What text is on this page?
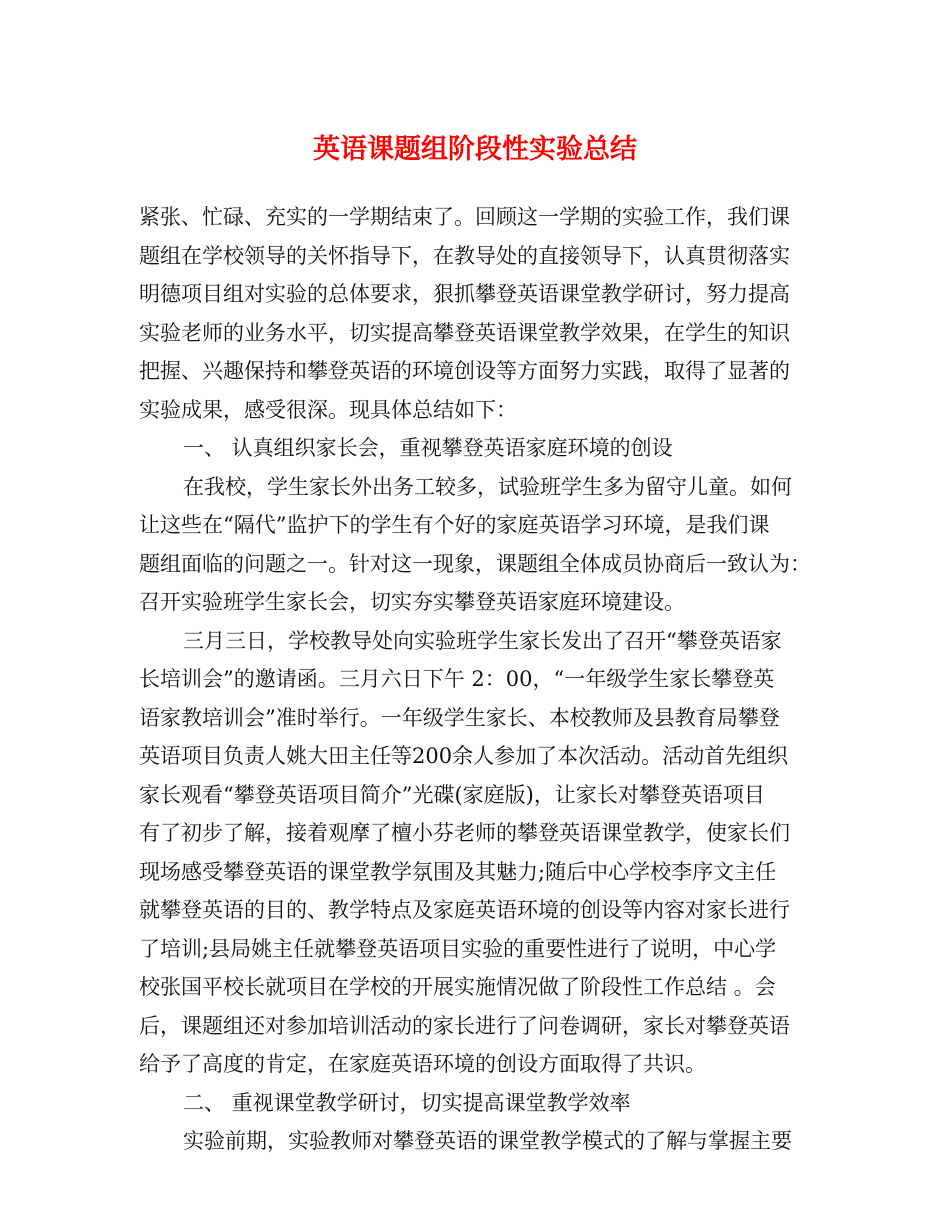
英语课题组阶段性实验总结
紧张、忙碌、充实的一学期结束了。回顾这一学期的实验工作，我们课
题组在学校领导的关怀指导下，在教导处的直接领导下，认真贯彻落实
明德项目组对实验的总体要求，狠抓攀登英语课堂教学研讨，努力提高
实验老师的业务水平，切实提高攀登英语课堂教学效果，在学生的知识
把握、兴趣保持和攀登英语的环境创设等方面努力实践，取得了显著的
实验成果，感受很深。现具体总结如下：
一、 认真组织家长会，重视攀登英语家庭环境的创设
在我校，学生家长外出务工较多，试验班学生多为留守儿童。如何
让这些在“隔代”监护下的学生有个好的家庭英语学习环境，是我们课
题组面临的问题之一。针对这一现象，课题组全体成员协商后一致认为：
召开实验班学生家长会，切实夯实攀登英语家庭环境建设。
三月三日，学校教导处向实验班学生家长发出了召开“攀登英语家
长培训会”的邀请函。三月六日下午 2：00，“一年级学生家长攀登英
语家教培训会”准时举行。一年级学生家长、本校教师及县教育局攀登
英语项目负责人姚大田主任等200余人参加了本次活动。活动首先组织
家长观看“攀登英语项目简介”光碟(家庭版)，让家长对攀登英语项目
有了初步了解，接着观摩了檀小芬老师的攀登英语课堂教学，使家长们
现场感受攀登英语的课堂教学氛围及其魅力;随后中心学校李序文主任
就攀登英语的目的、教学特点及家庭英语环境的创设等内容对家长进行
了培训;县局姚主任就攀登英语项目实验的重要性进行了说明，中心学
校张国平校长就项目在学校的开展实施情况做了阶段性工作总结 。会
后，课题组还对参加培训活动的家长进行了问卷调研，家长对攀登英语
给予了高度的肯定，在家庭英语环境的创设方面取得了共识。
二、 重视课堂教学研讨，切实提高课堂教学效率
实验前期，实验教师对攀登英语的课堂教学模式的了解与掌握主要
